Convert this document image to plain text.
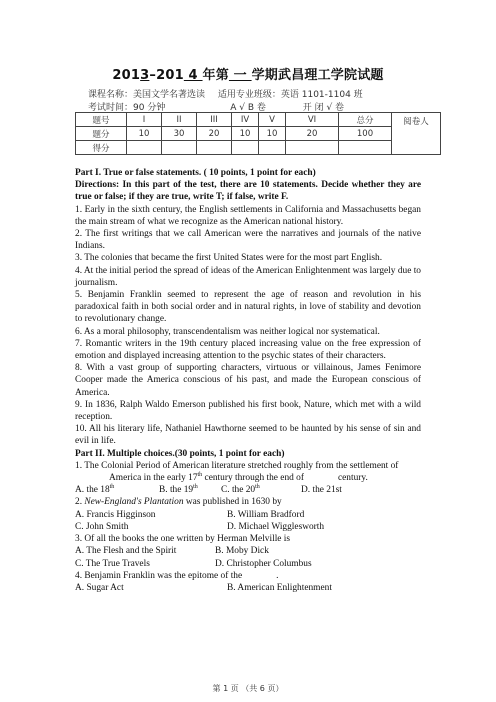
2013–201 4 年第 一 学期武昌理工学院试题
课程名称：美国文学名著选读 适用专业班级：英语 1101-1104 班
考试时间：90 分钟	A √ B 卷	开 闭 √ 卷
题号	I	II	III	IV	V	VI	总分	阅卷人

题分	10	30	20	10	10	20	100	
得分								

Part I. True or false statements. ( 10 points, 1 point for each)

Directions: In this part of the test, there are 10 statements. Decide whether they are true or false; if they are true, write T; if false, write F.

1. Early in the sixth century, the English settlements in California and Massachusetts began the main stream of what we recognize as the American national history.

2. The first writings that we call American were the narratives and journals of the native Indians.

3. The colonies that became the first United States were for the most part English.

4. At the initial period the spread of ideas of the American Enlightenment was largely due to journalism.

5. Benjamin Franklin seemed to represent the age of reason and revolution in his paradoxical faith in both social order and in natural rights, in love of stability and devotion to revolutionary change.

6. As a moral philosophy, transcendentalism was neither logical nor systematical.

7. Romantic writers in the 19th century placed increasing value on the free expression of emotion and displayed increasing attention to the psychic states of their characters.

8. With a vast group of supporting characters, virtuous or villainous, James Fenimore Cooper made the America conscious of his past, and made the European conscious of America.

9. In 1836, Ralph Waldo Emerson published his first book, Nature, which met with a wild reception.

10. All his literary life, Nathaniel Hawthorne seemed to be haunted by his sense of sin and evil in life.

Part II. Multiple choices.(30 points, 1 point for each)

1. The Colonial Period of American literature stretched roughly from the settlement of

America in the early 17th century through the end of	century.

A. the 18th	B. the 19th	C. the 20th	D. the 21st

2. New-England's Plantation was published in 1630 by

A. Francis Higginson	B. William Bradford
C. John Smith	D. Michael Wigglesworth

3. Of all the books the one written by Herman Melville is

A. The Flesh and the Spirit	B. Moby Dick
C. The True Travels	D. Christopher Columbus

4. Benjamin Franklin was the epitome of the	.

A. Sugar Act	B. American Enlightenment
第 1 页 （共 6 页）
